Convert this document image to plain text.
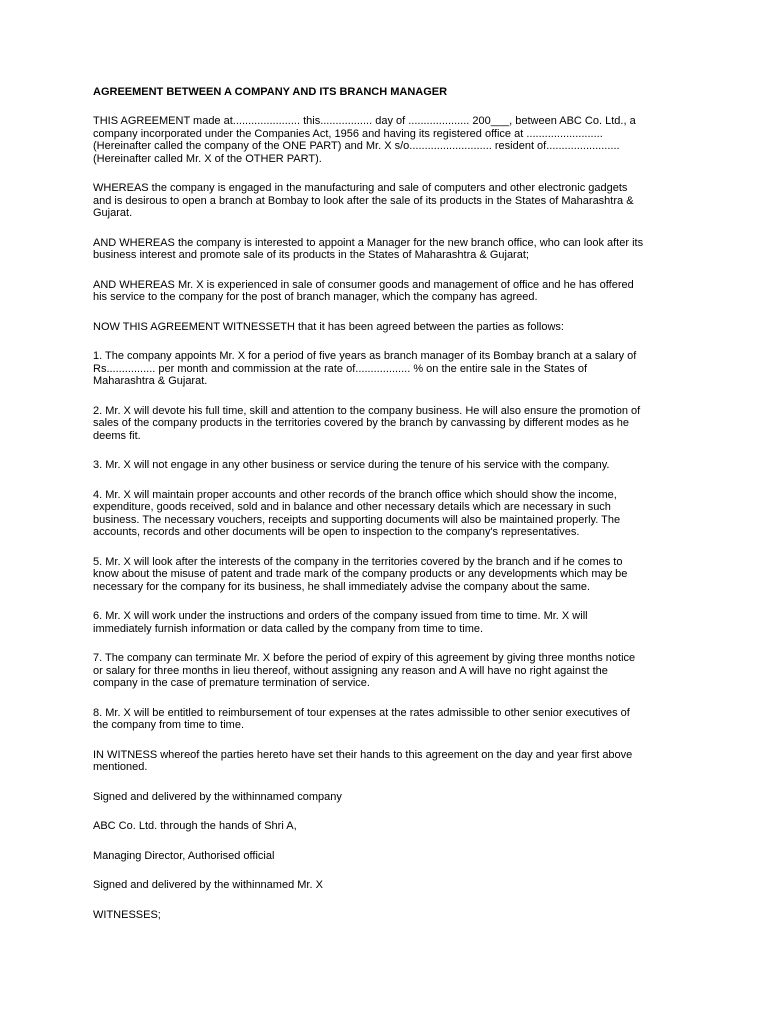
AGREEMENT BETWEEN A COMPANY AND ITS BRANCH MANAGER

THIS AGREEMENT made at...................... this................. day of .................... 200___, between ABC Co. Ltd., a
company incorporated under the Companies Act, 1956 and having its registered office at .........................
(Hereinafter called the company of the ONE PART) and Mr. X s/o........................... resident of........................
(Hereinafter called Mr. X of the OTHER PART).

WHEREAS the company is engaged in the manufacturing and sale of computers and other electronic gadgets
and is desirous to open a branch at Bombay to look after the sale of its products in the States of Maharashtra &
Gujarat.

AND WHEREAS the company is interested to appoint a Manager for the new branch office, who can look after its
business interest and promote sale of its products in the States of Maharashtra & Gujarat;

AND WHEREAS Mr. X is experienced in sale of consumer goods and management of office and he has offered
his service to the company for the post of branch manager, which the company has agreed.

NOW THIS AGREEMENT WITNESSETH that it has been agreed between the parties as follows:

1. The company appoints Mr. X for a period of five years as branch manager of its Bombay branch at a salary of
Rs................ per month and commission at the rate of.................. % on the entire sale in the States of
Maharashtra & Gujarat.

2. Mr. X will devote his full time, skill and attention to the company business. He will also ensure the promotion of
sales of the company products in the territories covered by the branch by canvassing by different modes as he
deems fit.

3. Mr. X will not engage in any other business or service during the tenure of his service with the company.

4. Mr. X will maintain proper accounts and other records of the branch office which should show the income,
expenditure, goods received, sold and in balance and other necessary details which are necessary in such
business. The necessary vouchers, receipts and supporting documents will also be maintained properly. The
accounts, records and other documents will be open to inspection to the company's representatives.

5. Mr. X will look after the interests of the company in the territories covered by the branch and if he comes to
know about the misuse of patent and trade mark of the company products or any developments which may be
necessary for the company for its business, he shall immediately advise the company about the same.

6. Mr. X will work under the instructions and orders of the company issued from time to time. Mr. X will
immediately furnish information or data called by the company from time to time.

7. The company can terminate Mr. X before the period of expiry of this agreement by giving three months notice
or salary for three months in lieu thereof, without assigning any reason and A will have no right against the
company in the case of premature termination of service.

8. Mr. X will be entitled to reimbursement of tour expenses at the rates admissible to other senior executives of
the company from time to time.

IN WITNESS whereof the parties hereto have set their hands to this agreement on the day and year first above
mentioned.

Signed and delivered by the withinnamed company

ABC Co. Ltd. through the hands of Shri A,

Managing Director, Authorised official

Signed and delivered by the withinnamed Mr. X

WITNESSES;
